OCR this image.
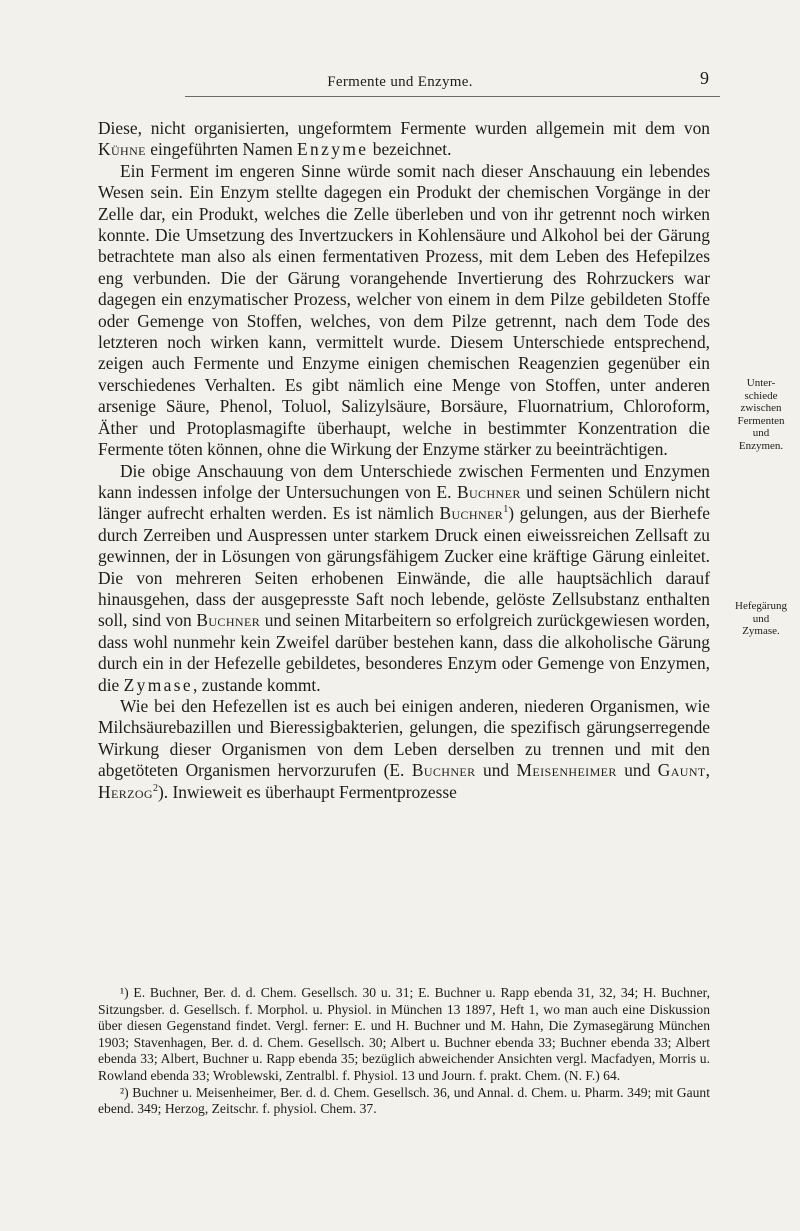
Fermente und Enzyme.	9

Diese, nicht organisierten, ungeformtem Fermente wurden allgemein mit dem von Kühne eingeführten Namen Enzyme bezeichnet.

Ein Ferment im engeren Sinne würde somit nach dieser Anschauung ein lebendes Wesen sein. Ein Enzym stellte dagegen ein Produkt der chemischen Vorgänge in der Zelle dar, ein Produkt, welches die Zelle überleben und von ihr getrennt noch wirken konnte. Die Umsetzung des Invertzuckers in Kohlensäure und Alkohol bei der Gärung betrachtete man also als einen fermentativen Prozess, mit dem Leben des Hefepilzes eng verbunden. Die der Gärung vorangehende Invertierung des Rohrzuckers war dagegen ein enzymatischer Prozess, welcher von einem in dem Pilze gebildeten Stoffe oder Gemenge von Stoffen, welches, von dem Pilze getrennt, nach dem Tode des letzteren noch wirken kann, vermittelt wurde. Diesem Unterschiede entsprechend, zeigen auch Fermente und Enzyme einigen chemischen Reagenzien gegenüber ein verschiedenes Verhalten. Es gibt nämlich eine Menge von Stoffen, unter anderen arsenige Säure, Phenol, Toluol, Salizylsäure, Borsäure, Fluornatrium, Chloroform, Äther und Protoplasmagifte überhaupt, welche in bestimmter Konzentration die Fermente töten können, ohne die Wirkung der Enzyme stärker zu beeinträchtigen.

Die obige Anschauung von dem Unterschiede zwischen Fermenten und Enzymen kann indessen infolge der Untersuchungen von E. Buchner und seinen Schülern nicht länger aufrecht erhalten werden. Es ist nämlich Buchner$^1$) gelungen, aus der Bierhefe durch Zerreiben und Auspressen unter starkem Druck einen eiweissreichen Zellsaft zu gewinnen, der in Lösungen von gärungsfähigem Zucker eine kräftige Gärung einleitet. Die von mehreren Seiten erhobenen Einwände, die alle hauptsächlich darauf hinausgehen, dass der ausgepresste Saft noch lebende, gelöste Zellsubstanz enthalten soll, sind von Buchner und seinen Mitarbeitern so erfolgreich zurückgewiesen worden, dass wohl nunmehr kein Zweifel darüber bestehen kann, dass die alkoholische Gärung durch ein in der Hefezelle gebildetes, besonderes Enzym oder Gemenge von Enzymen, die Zymase, zustande kommt.

Wie bei den Hefezellen ist es auch bei einigen anderen, niederen Organismen, wie Milchsäurebazillen und Bieressigbakterien, gelungen, die spezifisch gärungserregende Wirkung dieser Organismen von dem Leben derselben zu trennen und mit den abgetöteten Organismen hervorzurufen (E. Buchner und Meisenheimer und Gaunt, Herzog$^2$). Inwieweit es überhaupt Fermentprozesse

Unter-
schiede
zwischen
Fermenten
und
Enzymen.
Hefegärung
und
Zymase.

¹) E. Buchner, Ber. d. d. Chem. Gesellsch. 30 u. 31; E. Buchner u. Rapp ebenda 31, 32, 34; H. Buchner, Sitzungsber. d. Gesellsch. f. Morphol. u. Physiol. in München 13 1897, Heft 1, wo man auch eine Diskussion über diesen Gegenstand findet. Vergl. ferner: E. und H. Buchner und M. Hahn, Die Zymasegärung München 1903; Stavenhagen, Ber. d. d. Chem. Gesellsch. 30; Albert u. Buchner ebenda 33; Buchner ebenda 33; Albert ebenda 33; Albert, Buchner u. Rapp ebenda 35; bezüglich abweichender Ansichten vergl. Macfadyen, Morris u. Rowland ebenda 33; Wroblewski, Zentralbl. f. Physiol. 13 und Journ. f. prakt. Chem. (N. F.) 64.

²) Buchner u. Meisenheimer, Ber. d. d. Chem. Gesellsch. 36, und Annal. d. Chem. u. Pharm. 349; mit Gaunt ebend. 349; Herzog, Zeitschr. f. physiol. Chem. 37.
